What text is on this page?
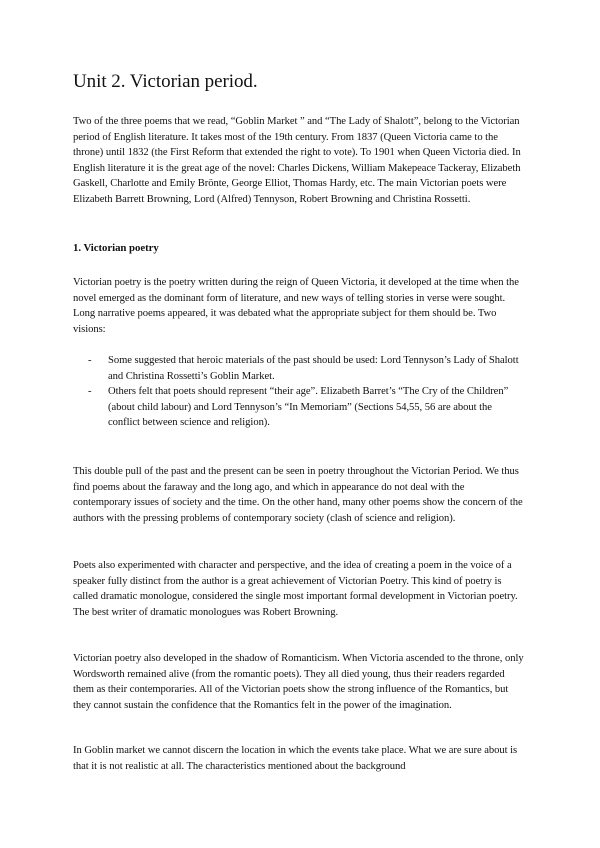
Unit 2. Victorian period.

Two of the three poems that we read, “Goblin Market ” and “The Lady of Shalott”, belong to the Victorian period of English literature. It takes most of the 19th century. From 1837 (Queen Victoria came to the throne) until 1832 (the First Reform that extended the right to vote). To 1901 when Queen Victoria died. In English literature it is the great age of the novel: Charles Dickens, William Makepeace Tackeray, Elizabeth Gaskell, Charlotte and Emily Brönte, George Elliot, Thomas Hardy, etc. The main Victorian poets were Elizabeth Barrett Browning, Lord (Alfred) Tennyson, Robert Browning and Christina Rossetti.

1. Victorian poetry

Victorian poetry is the poetry written during the reign of Queen Victoria, it developed at the time when the novel emerged as the dominant form of literature, and new ways of telling stories in verse were sought. Long narrative poems appeared, it was debated what the appropriate subject for them should be. Two visions:

- Some suggested that heroic materials of the past should be used: Lord Tennyson’s Lady of Shalott and Christina Rossetti’s Goblin Market.
- Others felt that poets should represent “their age”. Elizabeth Barret’s “The Cry of the Children” (about child labour) and Lord Tennyson’s “In Memoriam” (Sections 54,55, 56 are about the conflict between science and religion).

This double pull of the past and the present can be seen in poetry throughout the Victorian Period. We thus find poems about the faraway and the long ago, and which in appearance do not deal with the contemporary issues of society and the time. On the other hand, many other poems show the concern of the authors with the pressing problems of contemporary society (clash of science and religion).

Poets also experimented with character and perspective, and the idea of creating a poem in the voice of a speaker fully distinct from the author is a great achievement of Victorian Poetry. This kind of poetry is called dramatic monologue, considered the single most important formal development in Victorian poetry. The best writer of dramatic monologues was Robert Browning.

Victorian poetry also developed in the shadow of Romanticism. When Victoria ascended to the throne, only Wordsworth remained alive (from the romantic poets). They all died young, thus their readers regarded them as their contemporaries. All of the Victorian poets show the strong influence of the Romantics, but they cannot sustain the confidence that the Romantics felt in the power of the imagination.

In Goblin market we cannot discern the location in which the events take place. What we are sure about is that it is not realistic at all. The characteristics mentioned about the background
